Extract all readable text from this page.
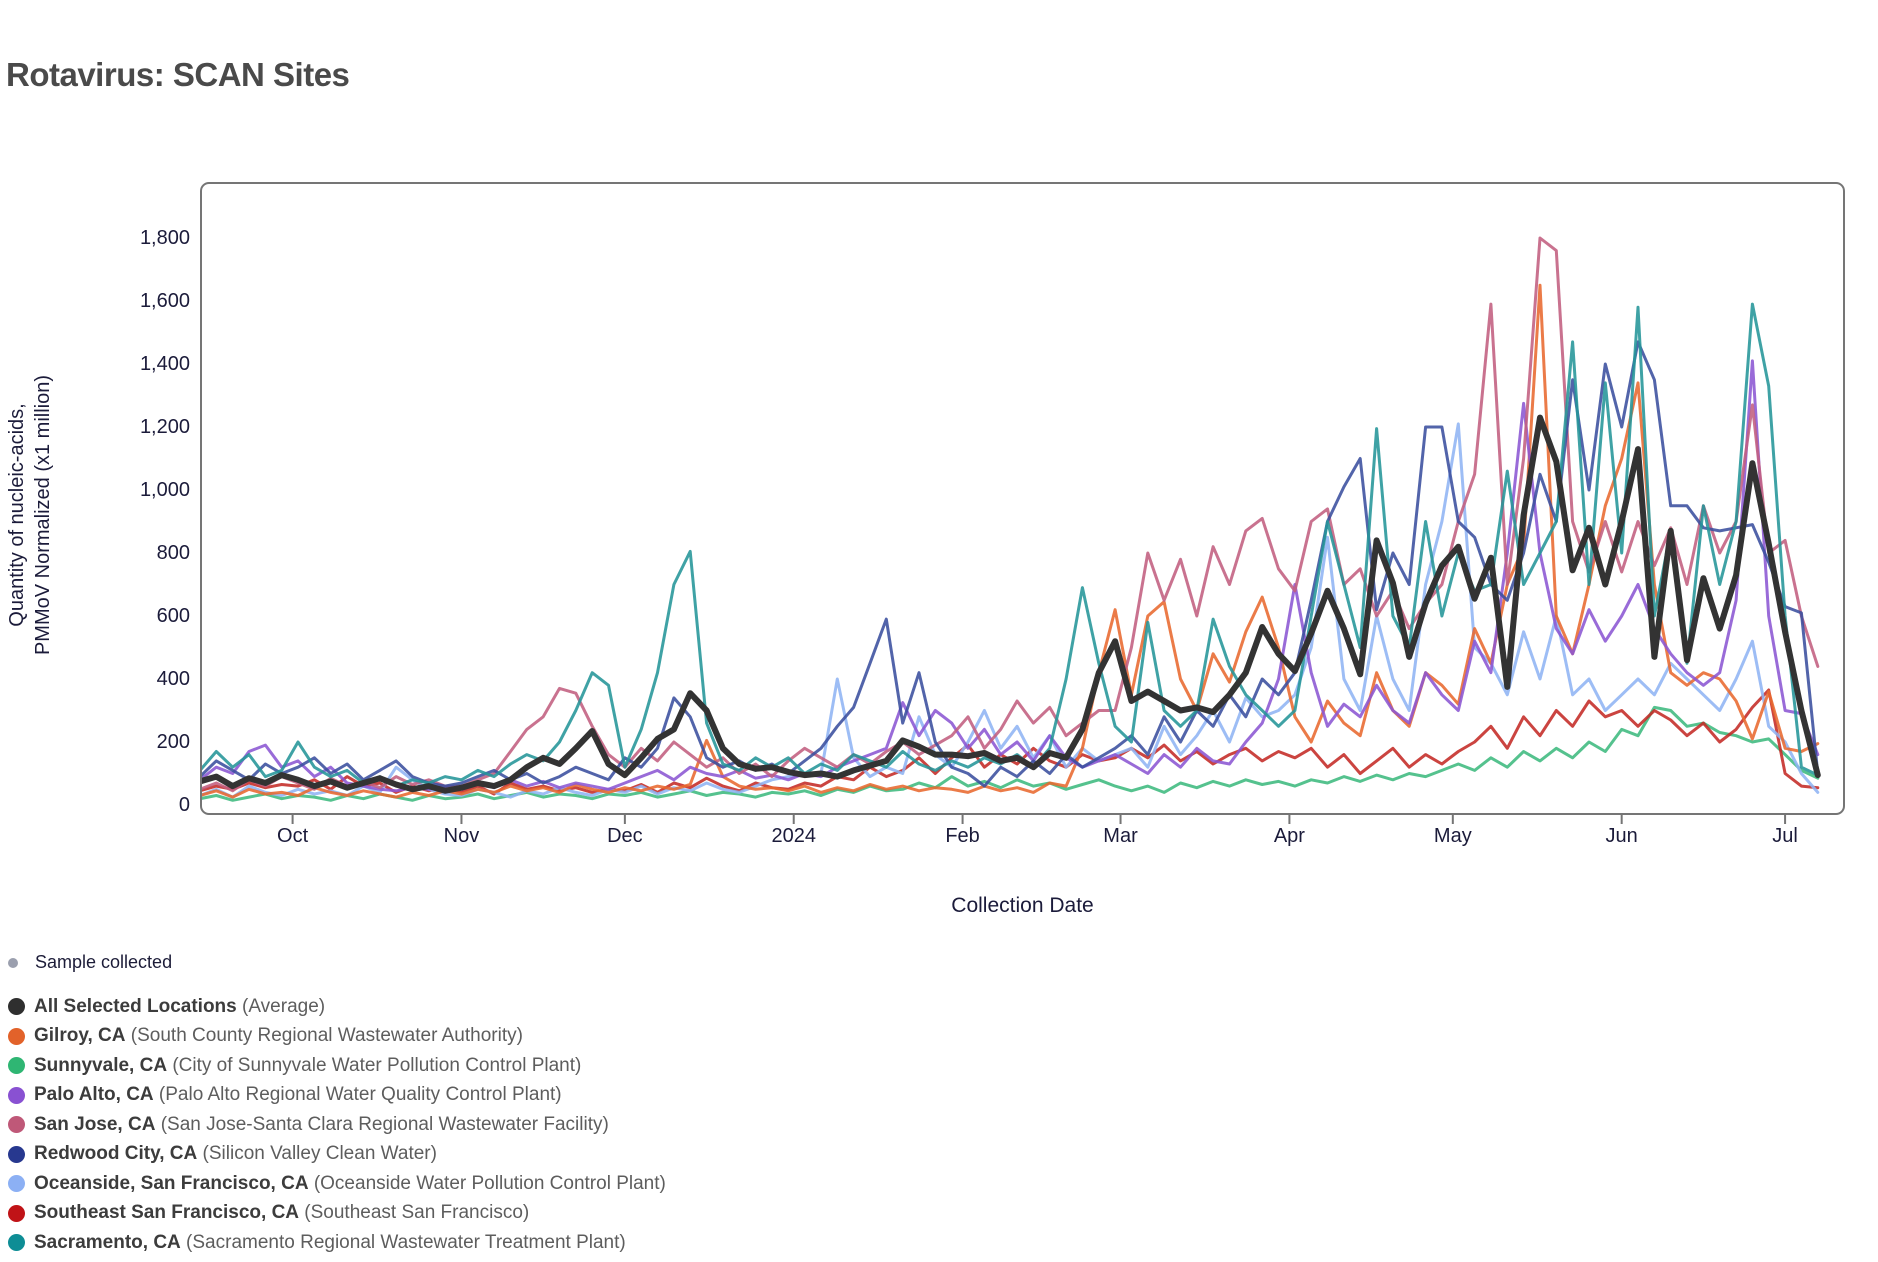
Rotavirus: SCAN Sites
Quantity of nucleic-acids, PMMoV Normalized (x1 million)
0
200
400
600
800
1,000
1,200
1,400
1,600
1,800
Oct	Nov	Dec	2024	Feb	Mar	Apr	May	Jun	Jul
Collection Date
Sample collected
All Selected Locations (Average)
Gilroy, CA (South County Regional Wastewater Authority)
Sunnyvale, CA (City of Sunnyvale Water Pollution Control Plant)
Palo Alto, CA (Palo Alto Regional Water Quality Control Plant)
San Jose, CA (San Jose-Santa Clara Regional Wastewater Facility)
Redwood City, CA (Silicon Valley Clean Water)
Oceanside, San Francisco, CA (Oceanside Water Pollution Control Plant)
Southeast San Francisco, CA (Southeast San Francisco)
Sacramento, CA (Sacramento Regional Wastewater Treatment Plant)
